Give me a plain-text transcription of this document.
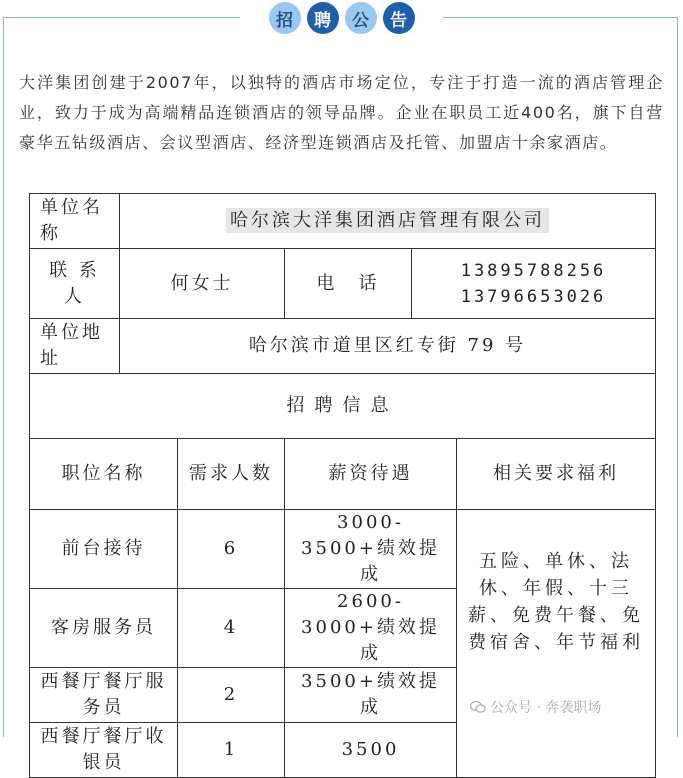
招	聘	公	告

大洋集团创建于2007年，以独特的酒店市场定位，专注于打造一流的酒店管理企业，致力于成为高端精品连锁酒店的领导品牌。企业在职员工近400名，旗下自营豪华五钻级酒店、会议型酒店、经济型连锁酒店及托管、加盟店十余家酒店。

单位名称	哈尔滨大洋集团酒店管理有限公司				
联 系 人	何女士		电　话	13895788256
13796653026	

单位地址	哈尔滨市道里区红专街 79 号				
招聘信息					
职位名称		需求人数	薪资待遇		相关要求福利
前台接待		6	3000-3500+绩效提成		五险、单休、法休、年假、十三薪、免费午餐、免费宿舍、年节福利
客房服务员		4	2600-3000+绩效提成		
西餐厅餐厅服务员		2	3500+绩效提成		
西餐厅餐厅收银员		1	3500		
公众号 · 奔袭职场
